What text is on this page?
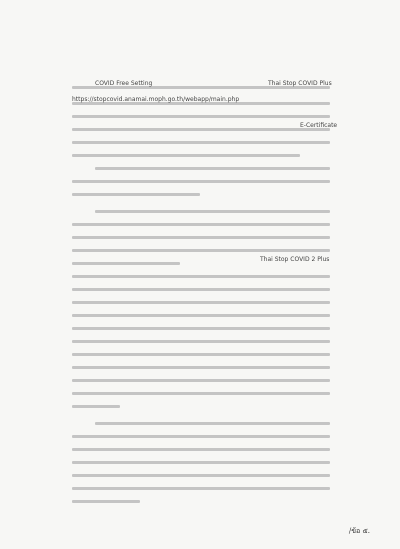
COVID Free Setting	Thai Stop COVID Plus
https://stopcovid.anamai.moph.go.th/webapp/main.php
E-Certificate
Thai Stop COVID 2 Plus
/ข้อ ๕.
